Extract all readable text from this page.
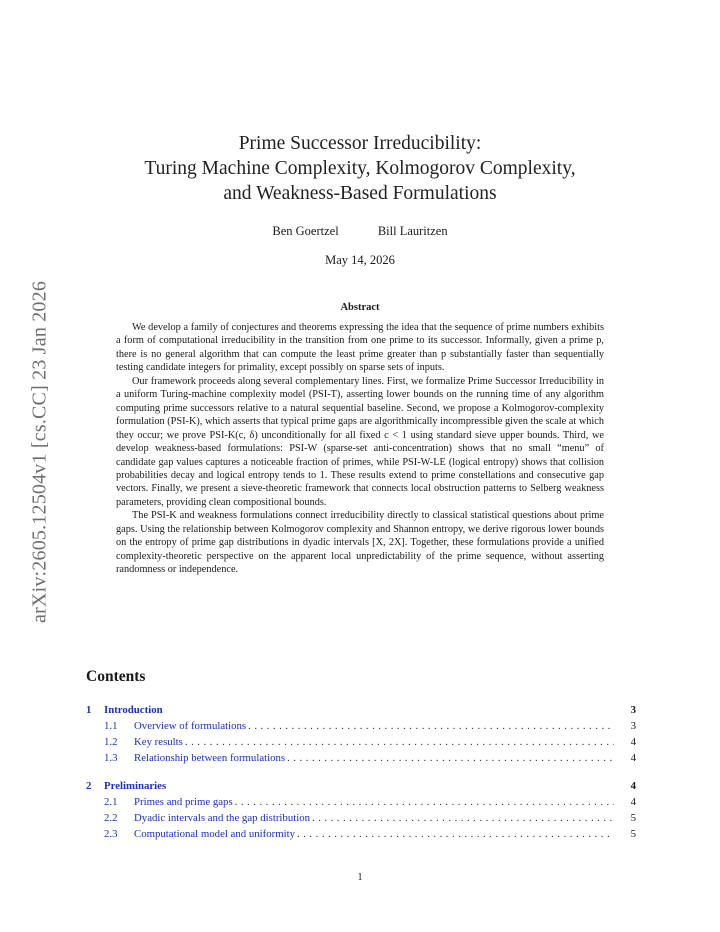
arXiv:2605.12504v1 [cs.CC] 23 Jan 2026
Prime Successor Irreducibility:
Turing Machine Complexity, Kolmogorov Complexity,
and Weakness-Based Formulations
Ben Goertzel	Bill Lauritzen
May 14, 2026
Abstract

We develop a family of conjectures and theorems expressing the idea that the sequence of prime numbers exhibits a form of computational irreducibility in the transition from one prime to its successor. Informally, given a prime p, there is no general algorithm that can compute the least prime greater than p substantially faster than sequentially testing candidate integers for primality, except possibly on sparse sets of inputs.

Our framework proceeds along several complementary lines. First, we formalize Prime Successor Irreducibility in a uniform Turing-machine complexity model (PSI-T), asserting lower bounds on the running time of any algorithm computing prime successors relative to a natural sequential baseline. Second, we propose a Kolmogorov-complexity formulation (PSI-K), which asserts that typical prime gaps are algorithmically incompressible given the scale at which they occur; we prove PSI-K(c, δ) unconditionally for all fixed c < 1 using standard sieve upper bounds. Third, we develop weakness-based formulations: PSI-W (sparse-set anti-concentration) shows that no small “menu” of candidate gap values captures a noticeable fraction of primes, while PSI-W-LE (logical entropy) shows that collision probabilities decay and logical entropy tends to 1. These results extend to prime constellations and consecutive gap vectors. Finally, we present a sieve-theoretic framework that connects local obstruction patterns to Selberg weakness parameters, providing clean compositional bounds.

The PSI-K and weakness formulations connect irreducibility directly to classical statistical questions about prime gaps. Using the relationship between Kolmogorov complexity and Shannon entropy, we derive rigorous lower bounds on the entropy of prime gap distributions in dyadic intervals [X, 2X]. Together, these formulations provide a unified complexity-theoretic perspective on the apparent local unpredictability of the prime sequence, without asserting randomness or independence.

Contents
1	Introduction	3
1.1	Overview of formulations . . .	3
1.2	Key results . . .	4
1.3	Relationship between formulations . . .	4
2	Preliminaries	4
2.1	Primes and prime gaps . . .	4
2.2	Dyadic intervals and the gap distribution . . .	5
2.3	Computational model and uniformity . . .	5
1
